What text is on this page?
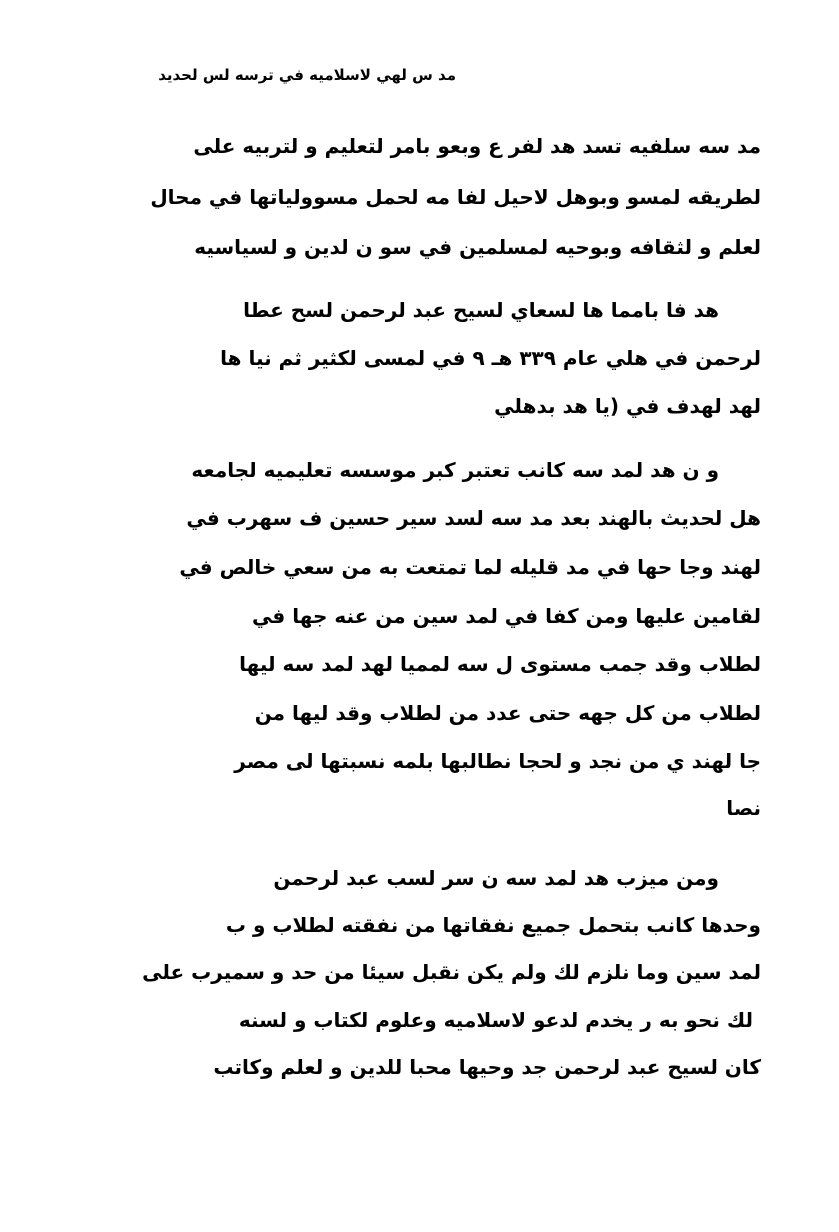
مد س لهي لاسلاميه في ترسه لس لحديد
مد سه سلفيه تسد هد لفر ع وبعو بامر لتعليم و لتربيه على
لطريقه لمسو وبوهل لاحيل لفا مه لحمل مسوولياتها في محال
لعلم و لثقافه وبوحيه لمسلمين في سو ن لدين و لسياسيه
هد فا بامما ها لسعاي لسيح عبد لرحمن لسح عطا
لرحمن في هلي عام ٣٣٩ هـ ٩ في لمسى لكثير ثم نيا ها
لهد لهدف في (يا هد بدهلي
و ن هد لمد سه كانب تعتبر كبر موسسه تعليميه لجامعه
هل لحديث بالهند بعد مد سه لسد سير حسين ف سهرب في
لهند وجا حها في مد قليله لما تمتعت به من سعي خالص في
لقامين عليها ومن كفا في لمد سين من عنه جها في
لطلاب وقد جمب مستوى ل سه لمميا لهد لمد سه ليها
لطلاب من كل جهه حتى عدد من لطلاب وقد ليها من
جا لهند ي من نجد و لحجا نطالبها بلمه نسبتها لى مصر
نصا
ومن ميزب هد لمد سه ن سر لسب عبد لرحمن
وحدها كانب بتحمل جميع نفقاتها من نفقته لطلاب و ب
لمد سين وما نلزم لك ولم يكن نقبل سيئا من حد و سميرب على
لك نحو به ر يخدم لدعو لاسلاميه وعلوم لكتاب و لسنه
كان لسيح عبد لرحمن جد وحيها محبا للدين و لعلم وكاتب
